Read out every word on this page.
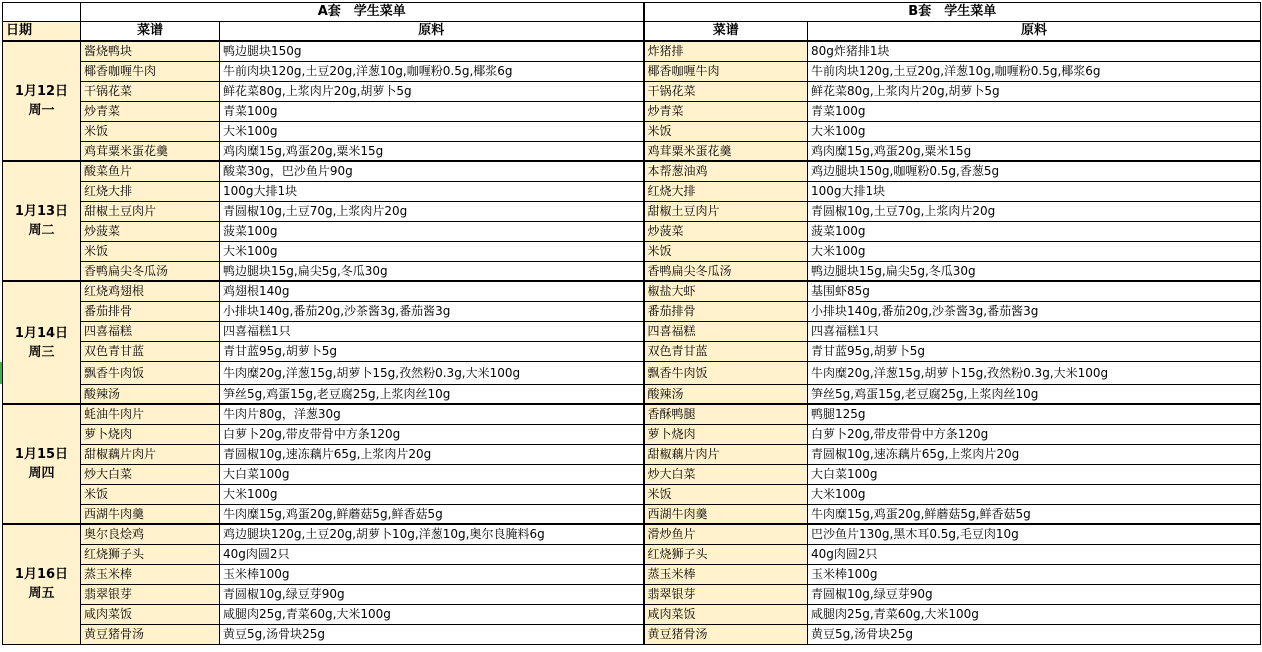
	A套　学生菜单		B套　学生菜单	
日期	菜谱	原料	菜谱	原料

1月12日
周一	酱烧鸭块	鸭边腿块150g	炸猪排	80g炸猪排1块
	椰香咖喱牛肉	牛前肉块120g,土豆20g,洋葱10g,咖喱粉0.5g,椰浆6g	椰香咖喱牛肉	牛前肉块120g,土豆20g,洋葱10g,咖喱粉0.5g,椰浆6g
	干锅花菜	鲜花菜80g,上浆肉片20g,胡萝卜5g	干锅花菜	鲜花菜80g,上浆肉片20g,胡萝卜5g
	炒青菜	青菜100g	炒青菜	青菜100g
	米饭	大米100g	米饭	大米100g
	鸡茸粟米蛋花羹	鸡肉糜15g,鸡蛋20g,粟米15g	鸡茸粟米蛋花羹	鸡肉糜15g,鸡蛋20g,粟米15g

1月13日
周二	酸菜鱼片	酸菜30g，巴沙鱼片90g	本帮葱油鸡	鸡边腿块150g,咖喱粉0.5g,香葱5g
	红烧大排	100g大排1块	红烧大排	100g大排1块
	甜椒土豆肉片	青圆椒10g,土豆70g,上浆肉片20g	甜椒土豆肉片	青圆椒10g,土豆70g,上浆肉片20g
	炒菠菜	菠菜100g	炒菠菜	菠菜100g
	米饭	大米100g	米饭	大米100g
	香鸭扁尖冬瓜汤	鸭边腿块15g,扁尖5g,冬瓜30g	香鸭扁尖冬瓜汤	鸭边腿块15g,扁尖5g,冬瓜30g

1月14日
周三	红烧鸡翅根	鸡翅根140g	椒盐大虾	基围虾85g
	番茄排骨	小排块140g,番茄20g,沙茶酱3g,番茄酱3g	番茄排骨	小排块140g,番茄20g,沙茶酱3g,番茄酱3g
	四喜福糕	四喜福糕1只	四喜福糕	四喜福糕1只
	双色青甘蓝	青甘蓝95g,胡萝卜5g	双色青甘蓝	青甘蓝95g,胡萝卜5g
	飘香牛肉饭	牛肉糜20g,洋葱15g,胡萝卜15g,孜然粉0.3g,大米100g	飘香牛肉饭	牛肉糜20g,洋葱15g,胡萝卜15g,孜然粉0.3g,大米100g
	酸辣汤	笋丝5g,鸡蛋15g,老豆腐25g,上浆肉丝10g	酸辣汤	笋丝5g,鸡蛋15g,老豆腐25g,上浆肉丝10g

1月15日
周四	蚝油牛肉片	牛肉片80g，洋葱30g	香酥鸭腿	鸭腿125g
	萝卜烧肉	白萝卜20g,带皮带骨中方条120g	萝卜烧肉	白萝卜20g,带皮带骨中方条120g
	甜椒藕片肉片	青圆椒10g,速冻藕片65g,上浆肉片20g	甜椒藕片肉片	青圆椒10g,速冻藕片65g,上浆肉片20g
	炒大白菜	大白菜100g	炒大白菜	大白菜100g
	米饭	大米100g	米饭	大米100g
	西湖牛肉羹	牛肉糜15g,鸡蛋20g,鲜蘑菇5g,鲜香菇5g	西湖牛肉羹	牛肉糜15g,鸡蛋20g,鲜蘑菇5g,鲜香菇5g

1月16日
周五	奥尔良烩鸡	鸡边腿块120g,土豆20g,胡萝卜10g,洋葱10g,奥尔良腌料6g	滑炒鱼片	巴沙鱼片130g,黑木耳0.5g,毛豆肉10g
	红烧狮子头	40g肉圆2只	红烧狮子头	40g肉圆2只
	蒸玉米棒	玉米棒100g	蒸玉米棒	玉米棒100g
	翡翠银芽	青圆椒10g,绿豆芽90g	翡翠银芽	青圆椒10g,绿豆芽90g
	咸肉菜饭	咸腿肉25g,青菜60g,大米100g	咸肉菜饭	咸腿肉25g,青菜60g,大米100g
	黄豆猪骨汤	黄豆5g,汤骨块25g	黄豆猪骨汤	黄豆5g,汤骨块25g
